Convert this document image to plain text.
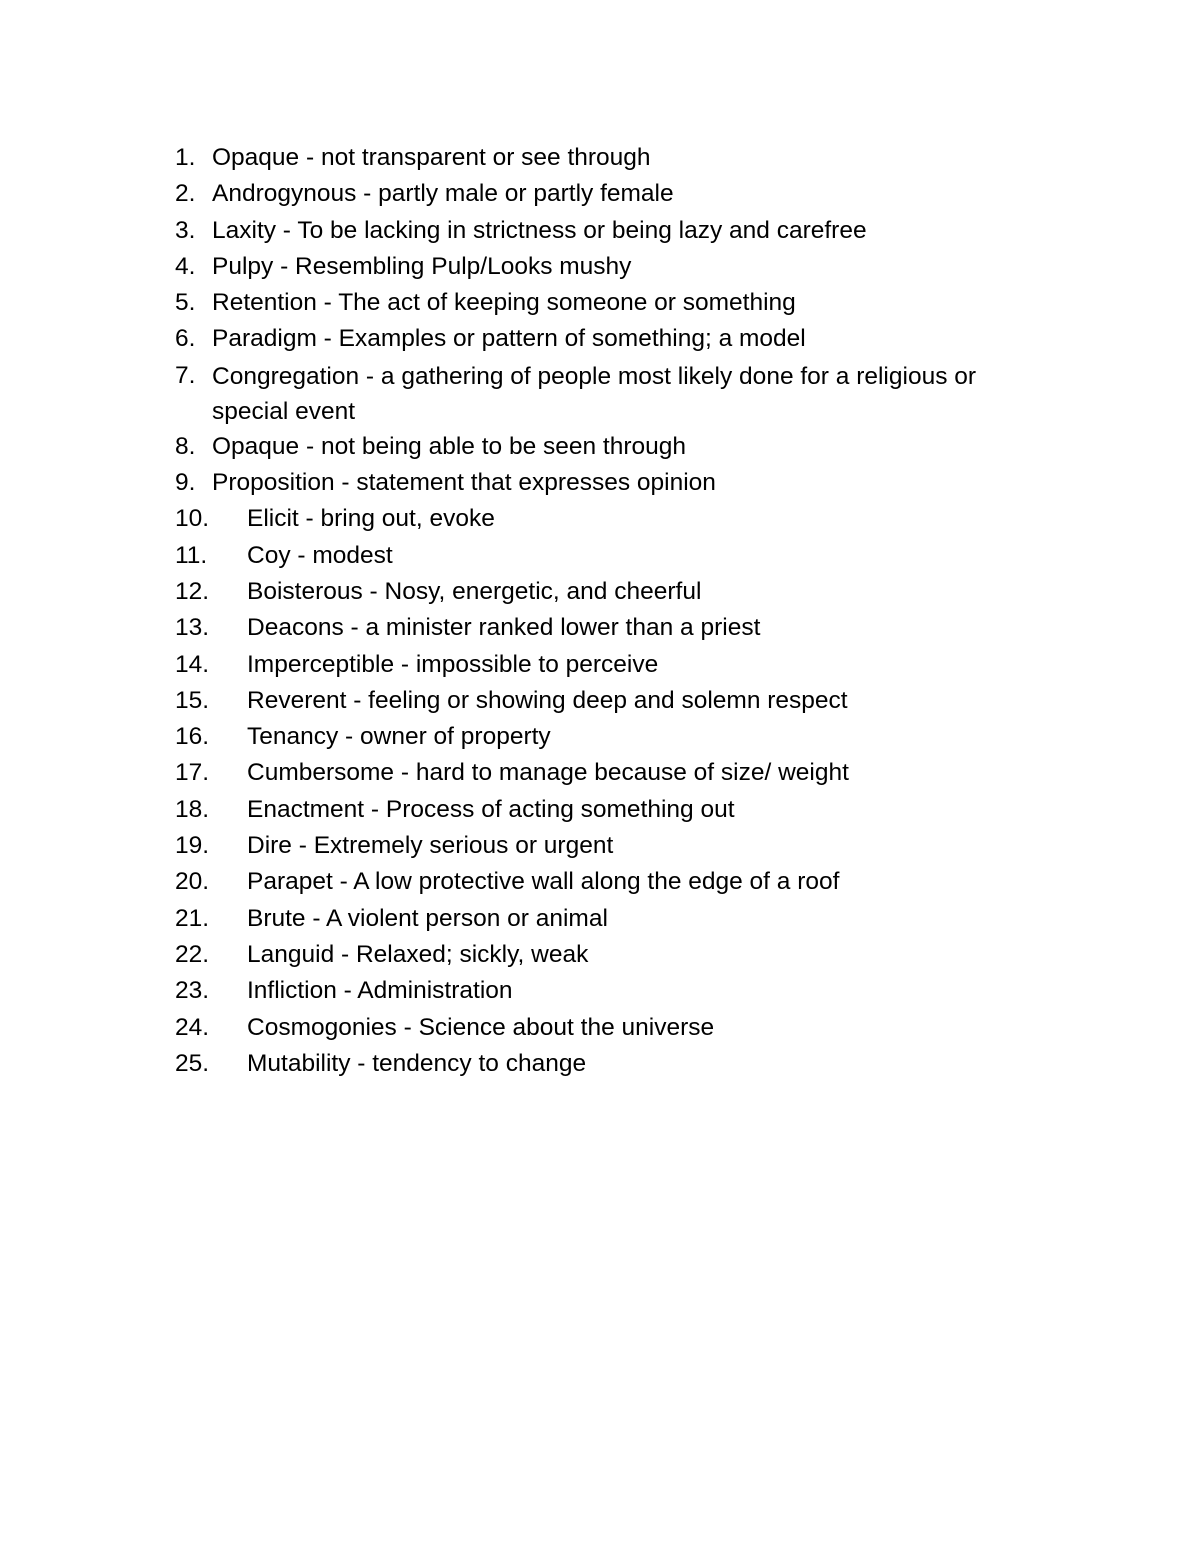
1. Opaque - not transparent or see through
2. Androgynous - partly male or partly female
3. Laxity - To be lacking in strictness or being lazy and carefree
4. Pulpy - Resembling Pulp/Looks mushy
5. Retention - The act of keeping someone or something
6. Paradigm - Examples or pattern of something; a model
7. Congregation - a gathering of people most likely done for a religious or special event
8. Opaque - not being able to be seen through
9. Proposition - statement that expresses opinion
10. Elicit - bring out, evoke
11. Coy - modest
12. Boisterous - Nosy, energetic, and cheerful
13. Deacons - a minister ranked lower than a priest
14. Imperceptible - impossible to perceive
15. Reverent - feeling or showing deep and solemn respect
16. Tenancy - owner of property
17. Cumbersome - hard to manage because of size/ weight
18. Enactment - Process of acting something out
19. Dire - Extremely serious or urgent
20. Parapet - A low protective wall along the edge of a roof
21. Brute - A violent person or animal
22. Languid - Relaxed; sickly, weak
23. Infliction - Administration
24. Cosmogonies - Science about the universe
25. Mutability - tendency to change
